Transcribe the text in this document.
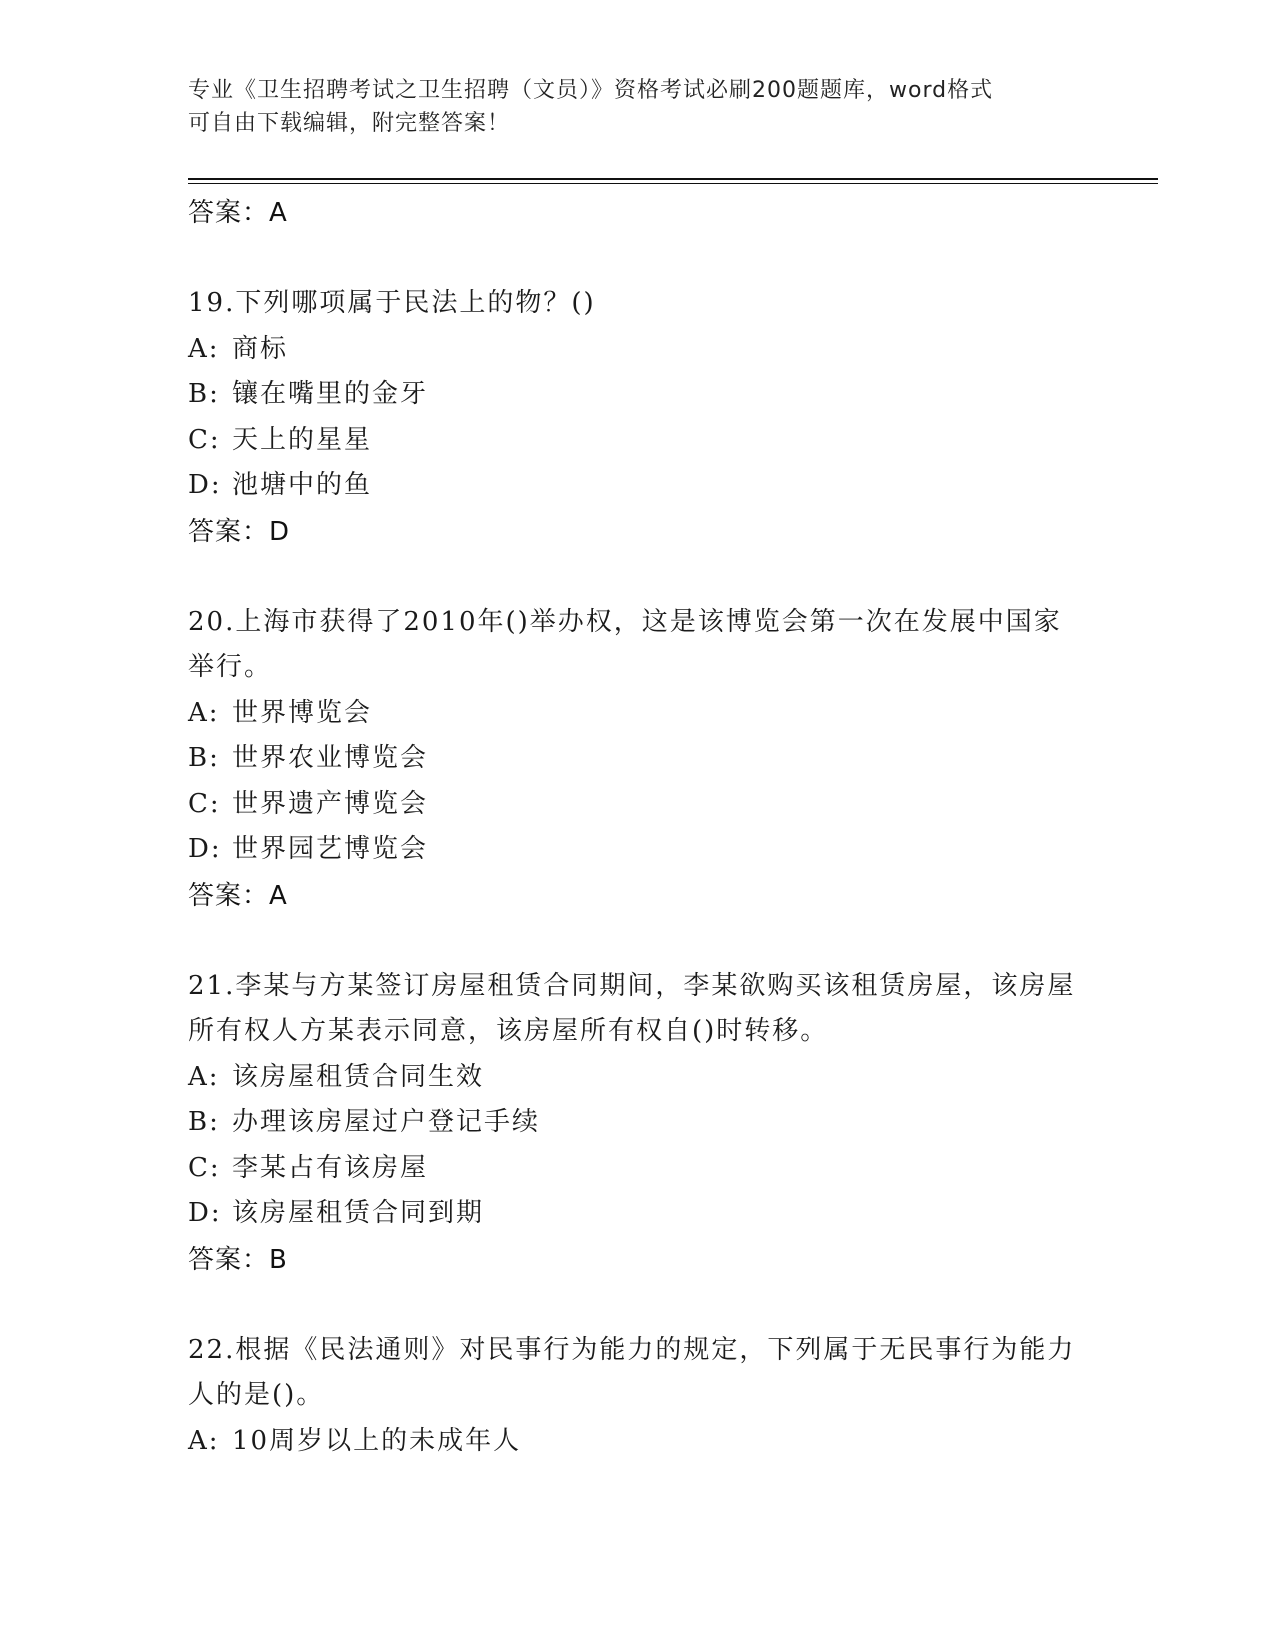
专业《卫生招聘考试之卫生招聘（文员）》资格考试必刷200题题库，word格式
可自由下载编辑，附完整答案！
答案：A
19.下列哪项属于民法上的物？()
A: 商标
B: 镶在嘴里的金牙
C: 天上的星星
D: 池塘中的鱼
答案：D
20.上海市获得了2010年()举办权，这是该博览会第一次在发展中国家举行。
A: 世界博览会
B: 世界农业博览会
C: 世界遗产博览会
D: 世界园艺博览会
答案：A
21.李某与方某签订房屋租赁合同期间，李某欲购买该租赁房屋，该房屋所有权人方某表示同意，该房屋所有权自()时转移。
A: 该房屋租赁合同生效
B: 办理该房屋过户登记手续
C: 李某占有该房屋
D: 该房屋租赁合同到期
答案：B
22.根据《民法通则》对民事行为能力的规定，下列属于无民事行为能力人的是()。
A: 10周岁以上的未成年人
